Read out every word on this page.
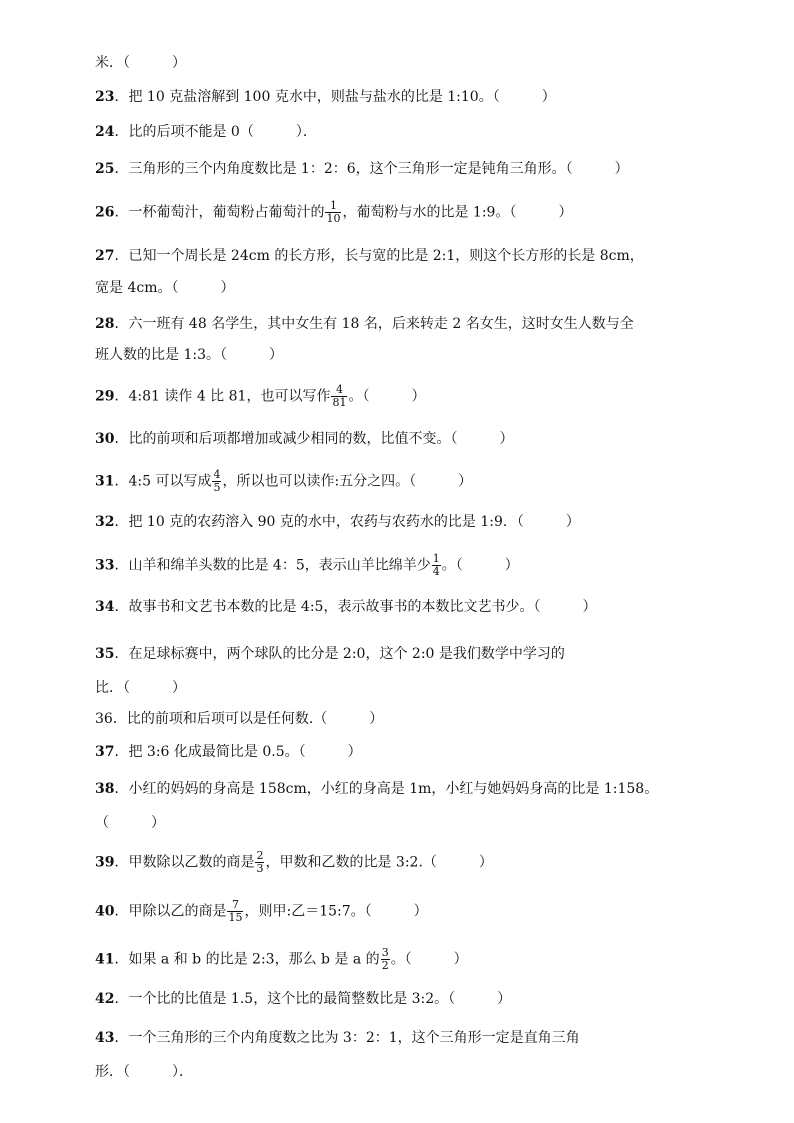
米．（　　　）
23．把 10 克盐溶解到 100 克水中，则盐与盐水的比是 1:10。（　　　）
24．比的后项不能是 0（　　　）．
25．三角形的三个内角度数比是 1：2：6，这个三角形一定是钝角三角形。（　　　）
26．一杯葡萄汁，葡萄粉占葡萄汁的 $\frac{1}{10}$ ，葡萄粉与水的比是 1:9。（　　　）
27．已知一个周长是 24cm 的长方形，长与宽的比是 2:1，则这个长方形的长是 8cm，
宽是 4cm。（　　　）
28．六一班有 48 名学生，其中女生有 18 名，后来转走 2 名女生，这时女生人数与全
班人数的比是 1:3。（　　　）
29．4:81 读作 4 比 81，也可以写作 $\frac{4}{81}$ 。（　　　）
30．比的前项和后项都增加或减少相同的数，比值不变。（　　　）
31．4:5 可以写成 $\frac{4}{5}$ ，所以也可以读作:五分之四。（　　　）
32．把 10 克的农药溶入 90 克的水中，农药与农药水的比是 1:9．（　　　）
33．山羊和绵羊头数的比是 4：5，表示山羊比绵羊少 $\frac{1}{4}$ 。（　　　）
34．故事书和文艺书本数的比是 4:5，表示故事书的本数比文艺书少。（　　　）
35．在足球标赛中，两个球队的比分是 2:0，这个 2:0 是我们数学中学习的
比．（　　　）
36．比的前项和后项可以是任何数.（　　　）
37．把 3:6 化成最简比是 0.5。（　　　）
38．小红的妈妈的身高是 158cm，小红的身高是 1m，小红与她妈妈身高的比是 1:158。
（　　　）
39．甲数除以乙数的商是 $\frac{2}{3}$ ，甲数和乙数的比是 3:2.（　　　）
40．甲除以乙的商是 $\frac{7}{15}$ ，则甲:乙＝15:7。（　　　）
41．如果 a 和 b 的比是 2:3，那么 b 是 a 的 $\frac{3}{2}$ 。（　　　）
42．一个比的比值是 1.5，这个比的最简整数比是 3:2。（　　　）
43．一个三角形的三个内角度数之比为 3：2：1，这个三角形一定是直角三角
形．（　　　）．
